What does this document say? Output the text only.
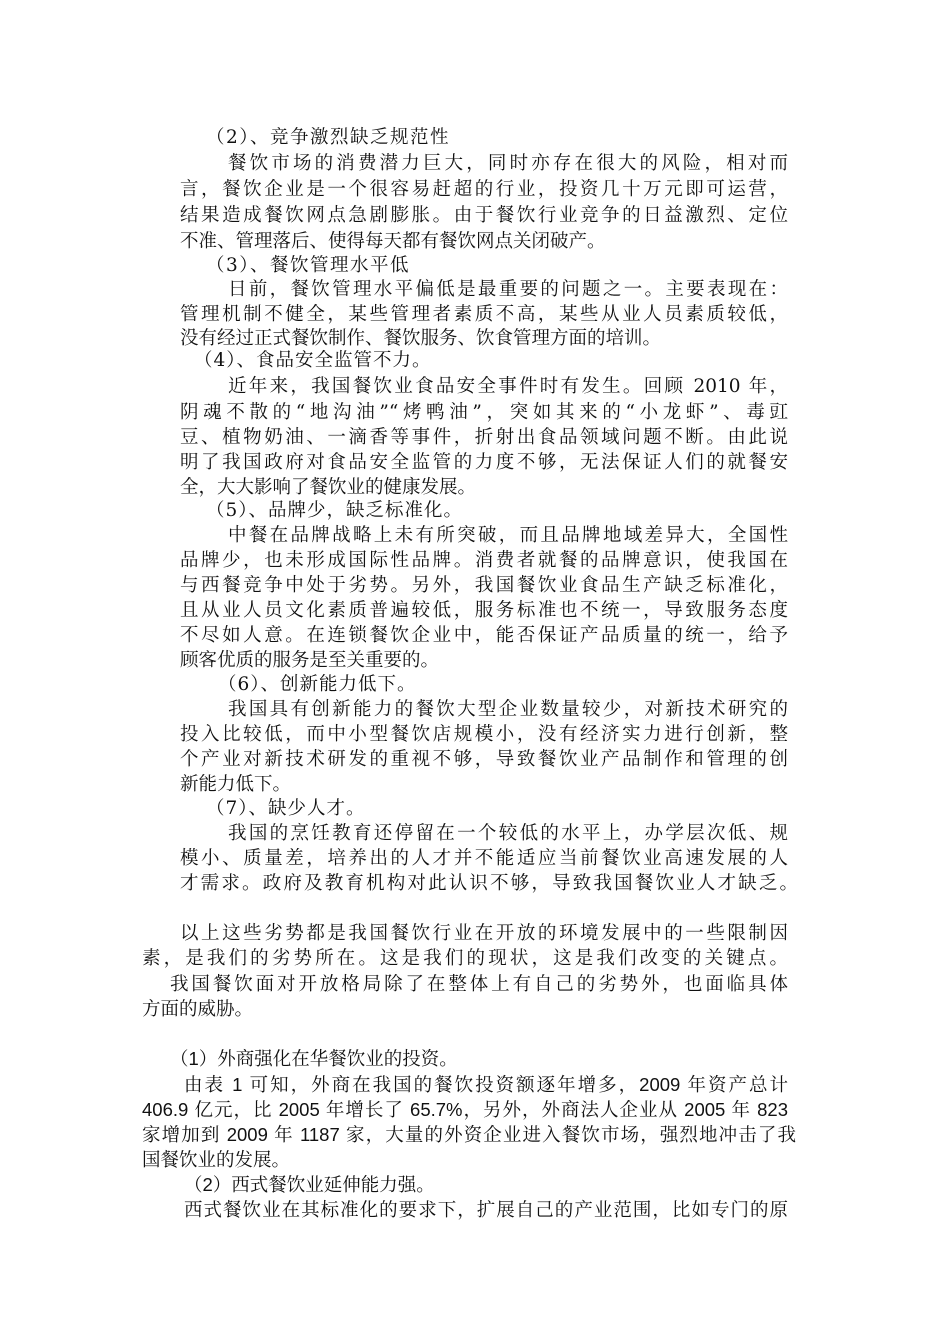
（2）、竞争激烈缺乏规范性
餐饮市场的消费潜力巨大，同时亦存在很大的风险，相对而
言，餐饮企业是一个很容易赶超的行业，投资几十万元即可运营，
结果造成餐饮网点急剧膨胀。由于餐饮行业竞争的日益激烈、定位
不准、管理落后、使得每天都有餐饮网点关闭破产。
（3）、餐饮管理水平低
日前，餐饮管理水平偏低是最重要的问题之一。主要表现在：
管理机制不健全，某些管理者素质不高，某些从业人员素质较低，
没有经过正式餐饮制作、餐饮服务、饮食管理方面的培训。
（4）、食品安全监管不力。
近年来，我国餐饮业食品安全事件时有发生。回顾 2010 年，
阴魂不散的“地沟油”“烤鸭油”，突如其来的“小龙虾”、毒豇
豆、植物奶油、一滴香等事件，折射出食品领域问题不断。由此说
明了我国政府对食品安全监管的力度不够，无法保证人们的就餐安
全，大大影响了餐饮业的健康发展。
（5）、品牌少，缺乏标准化。
中餐在品牌战略上未有所突破，而且品牌地域差异大，全国性
品牌少，也未形成国际性品牌。消费者就餐的品牌意识，使我国在
与西餐竞争中处于劣势。另外，我国餐饮业食品生产缺乏标准化，
且从业人员文化素质普遍较低，服务标准也不统一，导致服务态度
不尽如人意。在连锁餐饮企业中，能否保证产品质量的统一，给予
顾客优质的服务是至关重要的。
（6）、创新能力低下。
我国具有创新能力的餐饮大型企业数量较少，对新技术研究的
投入比较低，而中小型餐饮店规模小，没有经济实力进行创新，整
个产业对新技术研发的重视不够，导致餐饮业产品制作和管理的创
新能力低下。
（7）、缺少人才。
我国的烹饪教育还停留在一个较低的水平上，办学层次低、规
模小、质量差，培养出的人才并不能适应当前餐饮业高速发展的人
才需求。政府及教育机构对此认识不够，导致我国餐饮业人才缺乏。
以上这些劣势都是我国餐饮行业在开放的环境发展中的一些限制因
素，是我们的劣势所在。这是我们的现状，这是我们改变的关键点。
我国餐饮面对开放格局除了在整体上有自己的劣势外，也面临具体
方面的威胁。
（1）外商强化在华餐饮业的投资。
由表 1 可知，外商在我国的餐饮投资额逐年增多，2009 年资产总计
406.9 亿元，比 2005 年增长了 65.7%，另外，外商法人企业从 2005 年 823
家增加到 2009 年 1187 家，大量的外资企业进入餐饮市场，强烈地冲击了我
国餐饮业的发展。
（2）西式餐饮业延伸能力强。
西式餐饮业在其标准化的要求下，扩展自己的产业范围，比如专门的原
